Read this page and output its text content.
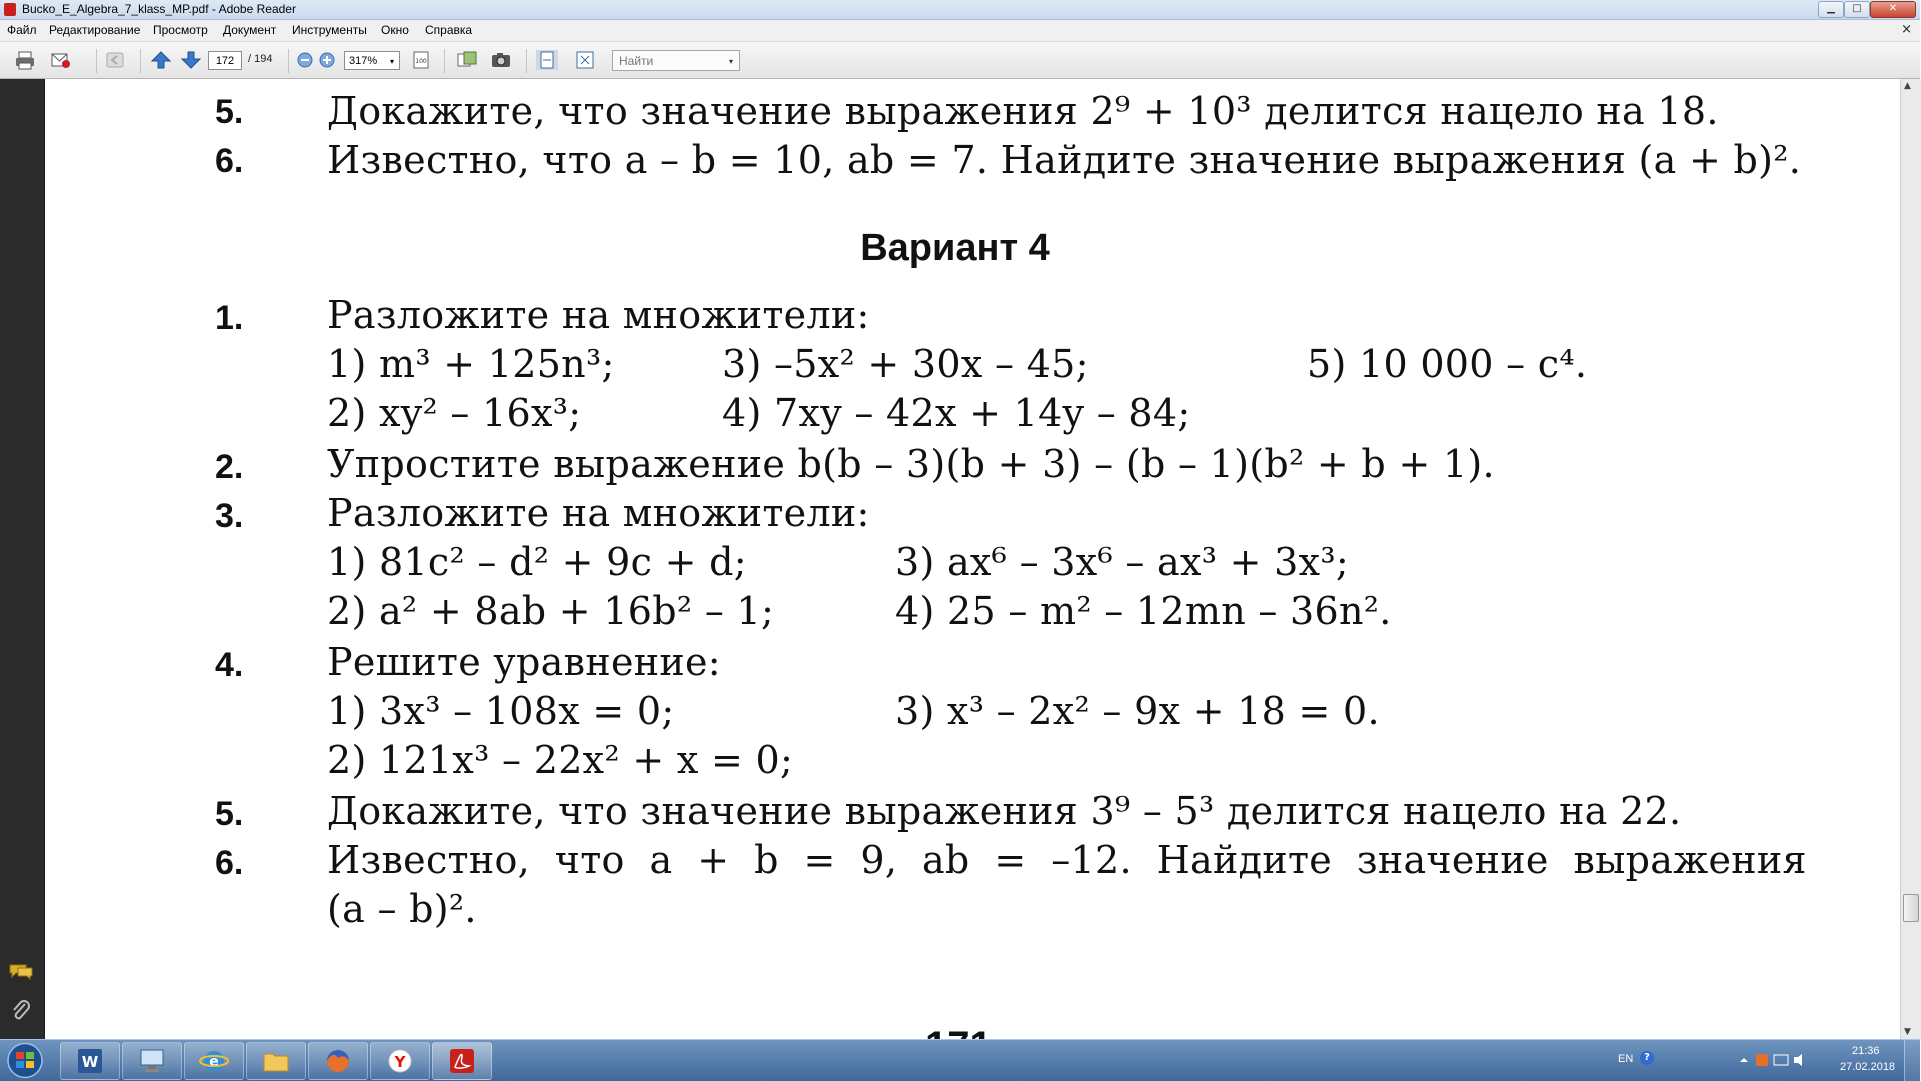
Bucko_E_Algebra_7_klass_MP.pdf - Adobe Reader	▁	□	✕
Файл Редактирование Просмотр Документ Инструменты Окно Справка	×
172	/ 194	317%	▾	100	Найти	▾
5. Докажите, что значение выражения 2⁹ + 10³ делится нацело на 18.
6. Известно, что a – b = 10, ab = 7. Найдите значение выражения (a + b)².
Вариант 4
1. Разложите на множители:
1) m³ + 125n³;	3) –5x² + 30x – 45;	5) 10 000 – c⁴.
2) xy² – 16x³;	4) 7xy – 42x + 14y – 84;
2. Упростите выражение b(b – 3)(b + 3) – (b – 1)(b² + b + 1).
3. Разложите на множители:
1) 81c² – d² + 9c + d;	3) ax⁶ – 3x⁶ – ax³ + 3x³;
2) a² + 8ab + 16b² – 1;	4) 25 – m² – 12mn – 36n².
4. Решите уравнение:
1) 3x³ – 108x = 0;	3) x³ – 2x² – 9x + 18 = 0.
2) 121x³ – 22x² + x = 0;
5. Докажите, что значение выражения 3⁹ – 5³ делится нацело на 22.
6. Известно,  что  a  +  b  =  9,  ab  =  –12.  Найдите  значение  выражения
(a – b)².
▲
▼
W	e	Y	EN	?
21:36
27.02.2018
